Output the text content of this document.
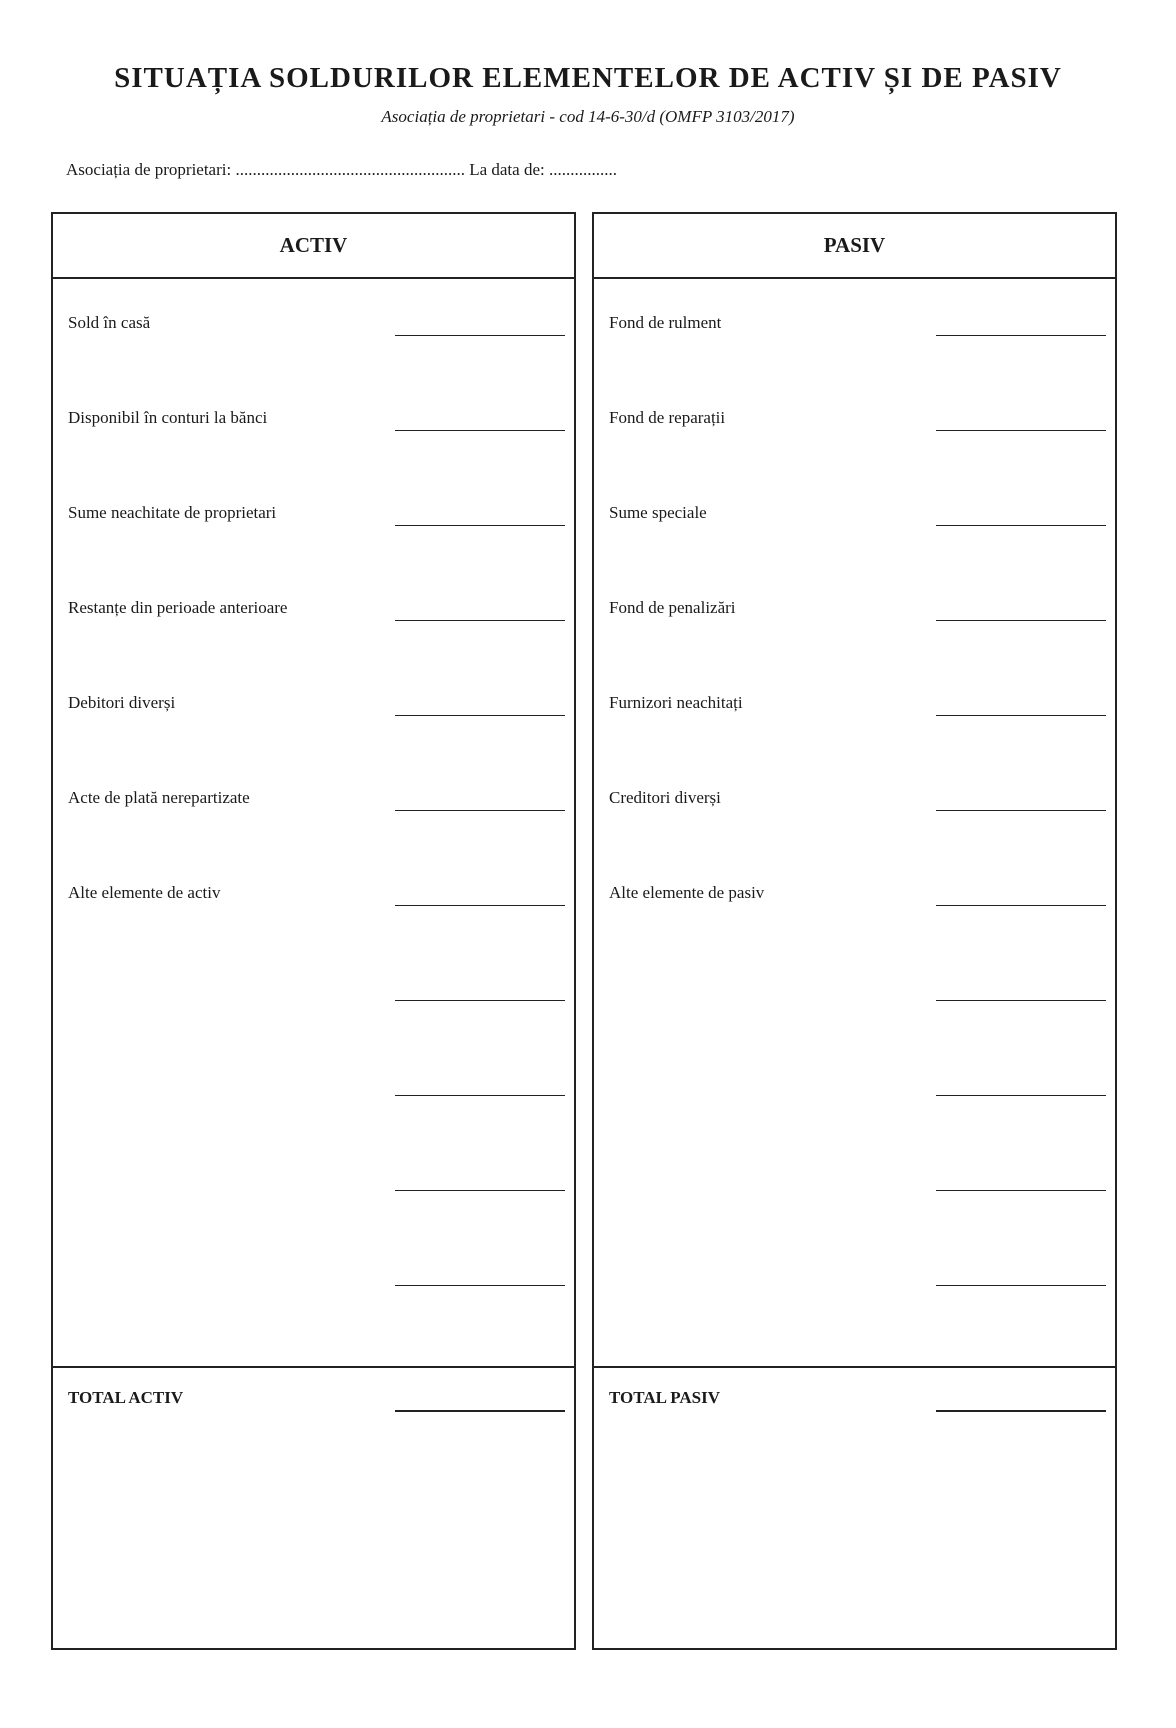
SITUAȚIA SOLDURILOR ELEMENTELOR DE ACTIV ȘI DE PASIV
Asociația de proprietari - cod 14-6-30/d (OMFP 3103/2017)
Asociația de proprietari: ...................................................... La data de: ................
ACTIV
Sold în casă
Disponibil în conturi la bănci
Sume neachitate de proprietari
Restanțe din perioade anterioare
Debitori diverși
Acte de plată nerepartizate
Alte elemente de activ
TOTAL ACTIV
PASIV
Fond de rulment
Fond de reparații
Sume speciale
Fond de penalizări
Furnizori neachitați
Creditori diverși
Alte elemente de pasiv
TOTAL PASIV
